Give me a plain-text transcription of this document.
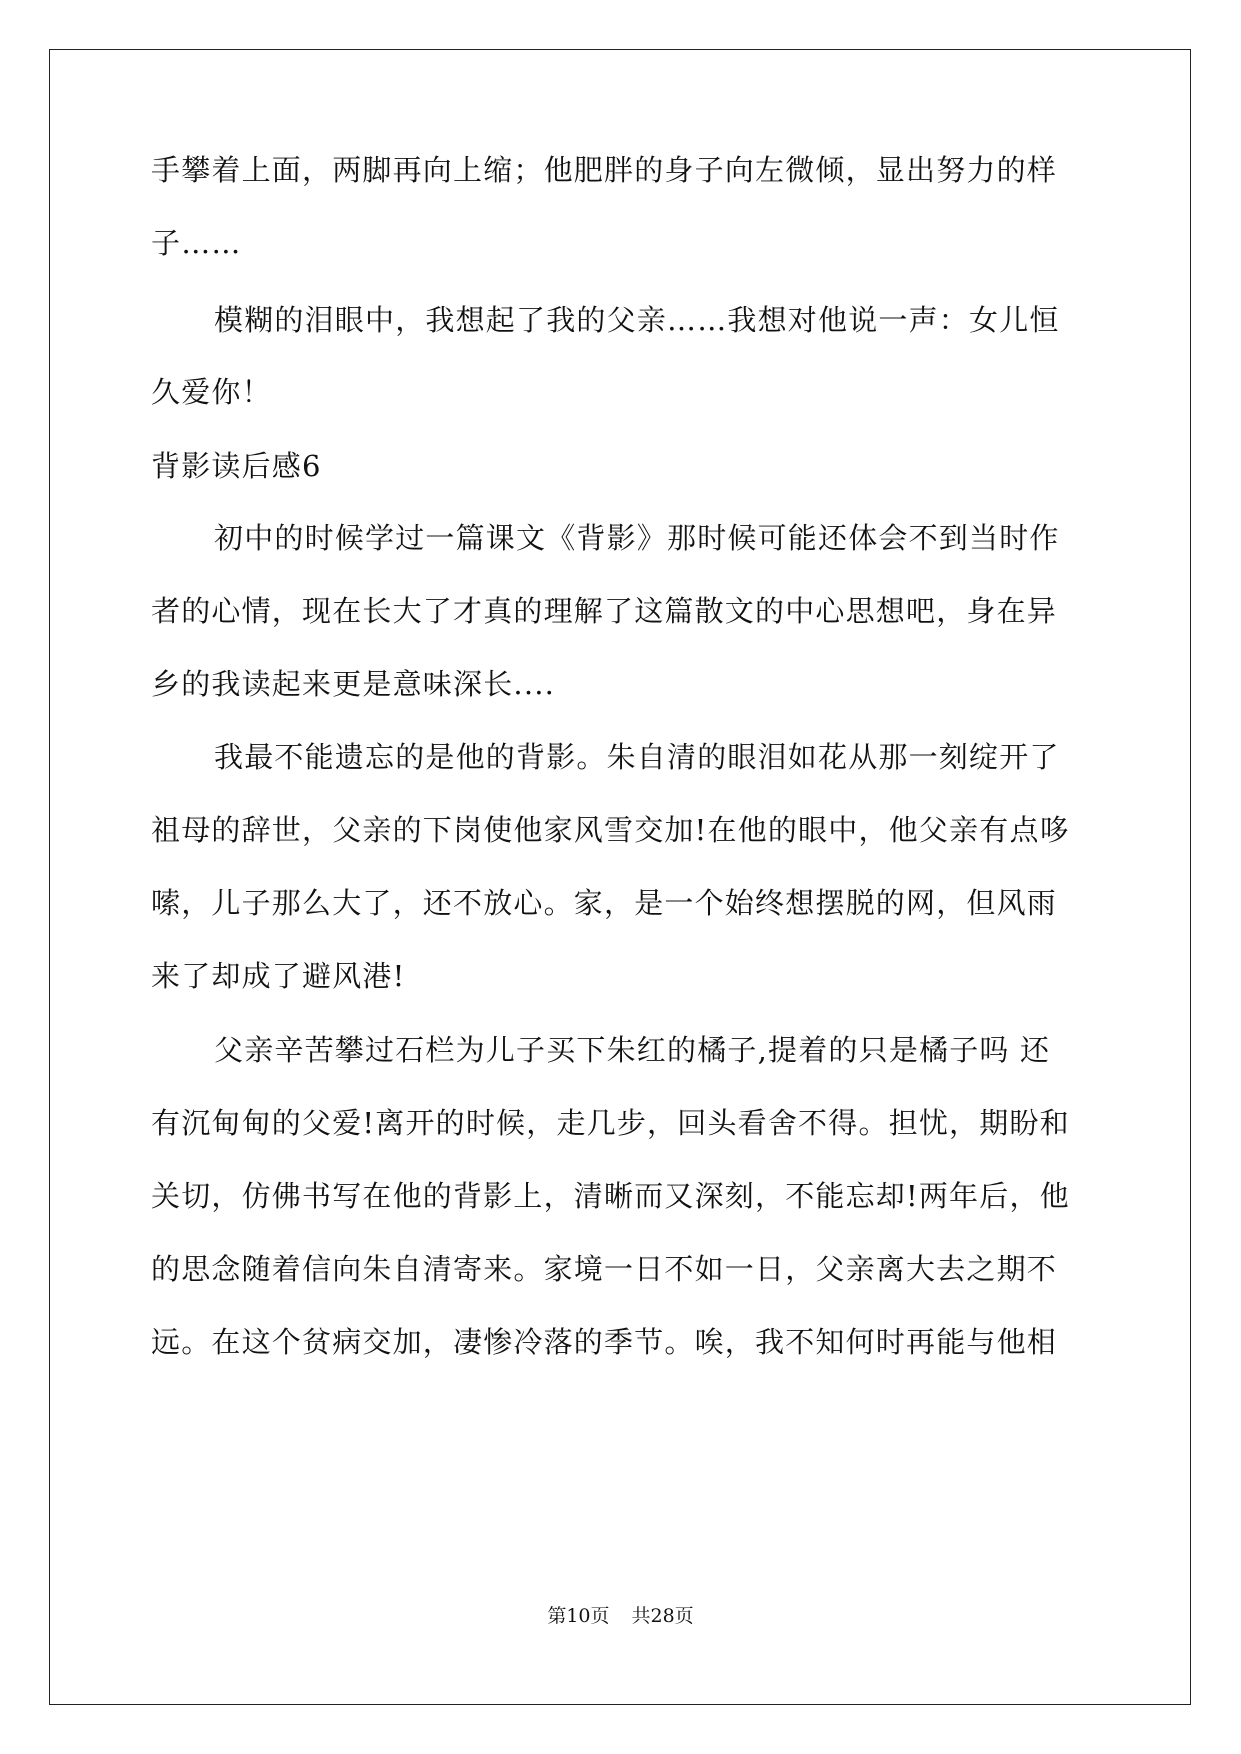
手攀着上面，两脚再向上缩；他肥胖的身子向左微倾，显出努力的样
子……
模糊的泪眼中，我想起了我的父亲……我想对他说一声：女儿恒
久爱你！
背影读后感6
初中的时候学过一篇课文《背影》那时候可能还体会不到当时作
者的心情，现在长大了才真的理解了这篇散文的中心思想吧，身在异
乡的我读起来更是意味深长....
我最不能遗忘的是他的背影。朱自清的眼泪如花从那一刻绽开了
祖母的辞世，父亲的下岗使他家风雪交加!在他的眼中，他父亲有点哆
嗦，儿子那么大了，还不放心。家，是一个始终想摆脱的网，但风雨
来了却成了避风港!
父亲辛苦攀过石栏为儿子买下朱红的橘子,提着的只是橘子吗 还
有沉甸甸的父爱!离开的时候，走几步，回头看舍不得。担忧，期盼和
关切，仿佛书写在他的背影上，清晰而又深刻，不能忘却!两年后，他
的思念随着信向朱自清寄来。家境一日不如一日，父亲离大去之期不
远。在这个贫病交加，凄惨冷落的季节。唉，我不知何时再能与他相
第10页 共28页
